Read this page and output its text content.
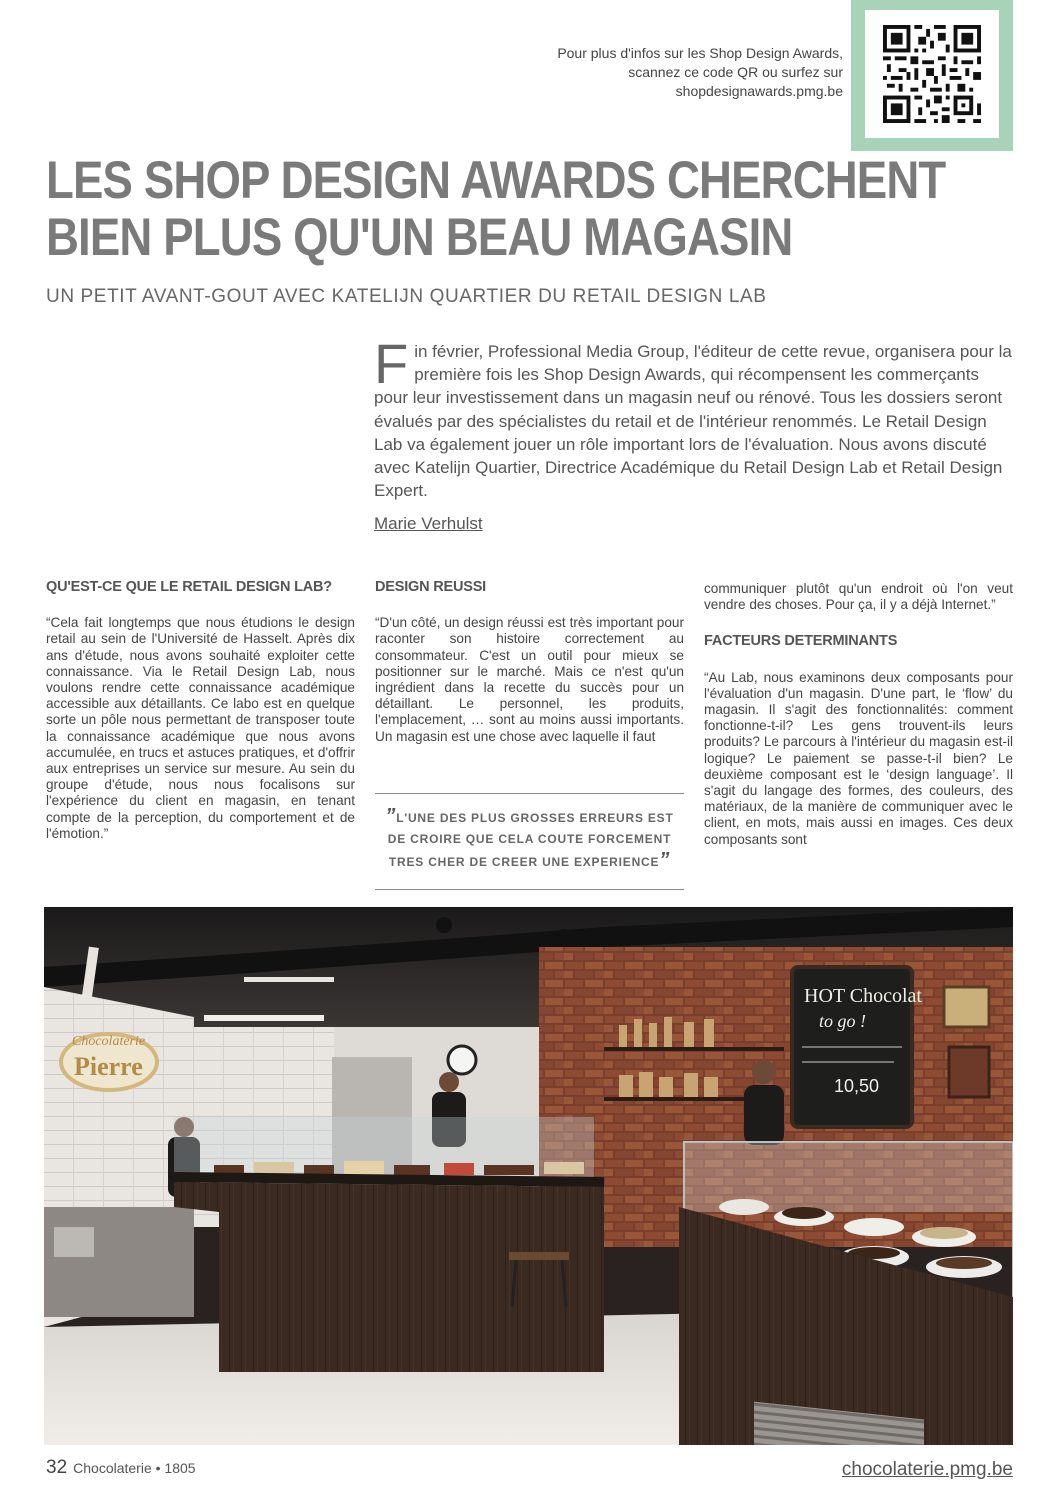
Pour plus d'infos sur les Shop Design Awards,
scannez ce code QR ou surfez sur
shopdesignawards.pmg.be
LES SHOP DESIGN AWARDS CHERCHENT
BIEN PLUS QU'UN BEAU MAGASIN
UN PETIT AVANT-GOUT AVEC KATELIJN QUARTIER DU RETAIL DESIGN LAB
Fin février, Professional Media Group, l'éditeur de cette revue, organisera pour la première fois les Shop Design Awards, qui récompensent les commerçants pour leur investissement dans un magasin neuf ou rénové. Tous les dossiers seront évalués par des spécialistes du retail et de l'intérieur renommés. Le Retail Design Lab va également jouer un rôle important lors de l'évaluation. Nous avons discuté avec Katelijn Quartier, Directrice Académique du Retail Design Lab et Retail Design Expert.
Marie Verhulst
QU'EST-CE QUE LE RETAIL DESIGN LAB?

“Cela fait longtemps que nous étudions le design retail au sein de l'Université de Hasselt. Après dix ans d'étude, nous avons souhaité exploiter cette connaissance. Via le Retail Design Lab, nous voulons rendre cette connaissance académique accessible aux détaillants. Ce labo est en quelque sorte un pôle nous permettant de transposer toute la connaissance académique que nous avons accumulée, en trucs et astuces pratiques, et d'offrir aux entreprises un service sur mesure. Au sein du groupe d'étude, nous nous focalisons sur l'expérience du client en magasin, en tenant compte de la perception, du comportement et de l'émotion.”

DESIGN REUSSI

“D'un côté, un design réussi est très important pour raconter son histoire correctement au consommateur. C'est un outil pour mieux se positionner sur le marché. Mais ce n'est qu'un ingrédient dans la recette du succès pour un détaillant. Le personnel, les produits, l'emplacement, … sont au moins aussi importants. Un magasin est une chose avec laquelle il faut

”L'UNE DES PLUS GROSSES ERREURS EST
DE CROIRE QUE CELA COUTE FORCEMENT
TRES CHER DE CREER UNE EXPERIENCE”

communiquer plutôt qu'un endroit où l'on veut vendre des choses. Pour ça, il y a déjà Internet.”

FACTEURS DETERMINANTS

“Au Lab, nous examinons deux composants pour l'évaluation d'un magasin. D'une part, le ‘flow’ du magasin. Il s'agit des fonctionnalités: comment fonctionne-t-il? Les gens trouvent-ils leurs produits? Le parcours à l'intérieur du magasin est-il logique? Le paiement se passe-t-il bien? Le deuxième composant est le ‘design language’. Il s'agit du langage des formes, des couleurs, des matériaux, de la manière de communiquer avec le client, en mots, mais aussi en images. Ces deux composants sont

HOT Chocolat
to go !
10,50
Chocolaterie
Pierre
32 Chocolaterie • 1805	chocolaterie.pmg.be
